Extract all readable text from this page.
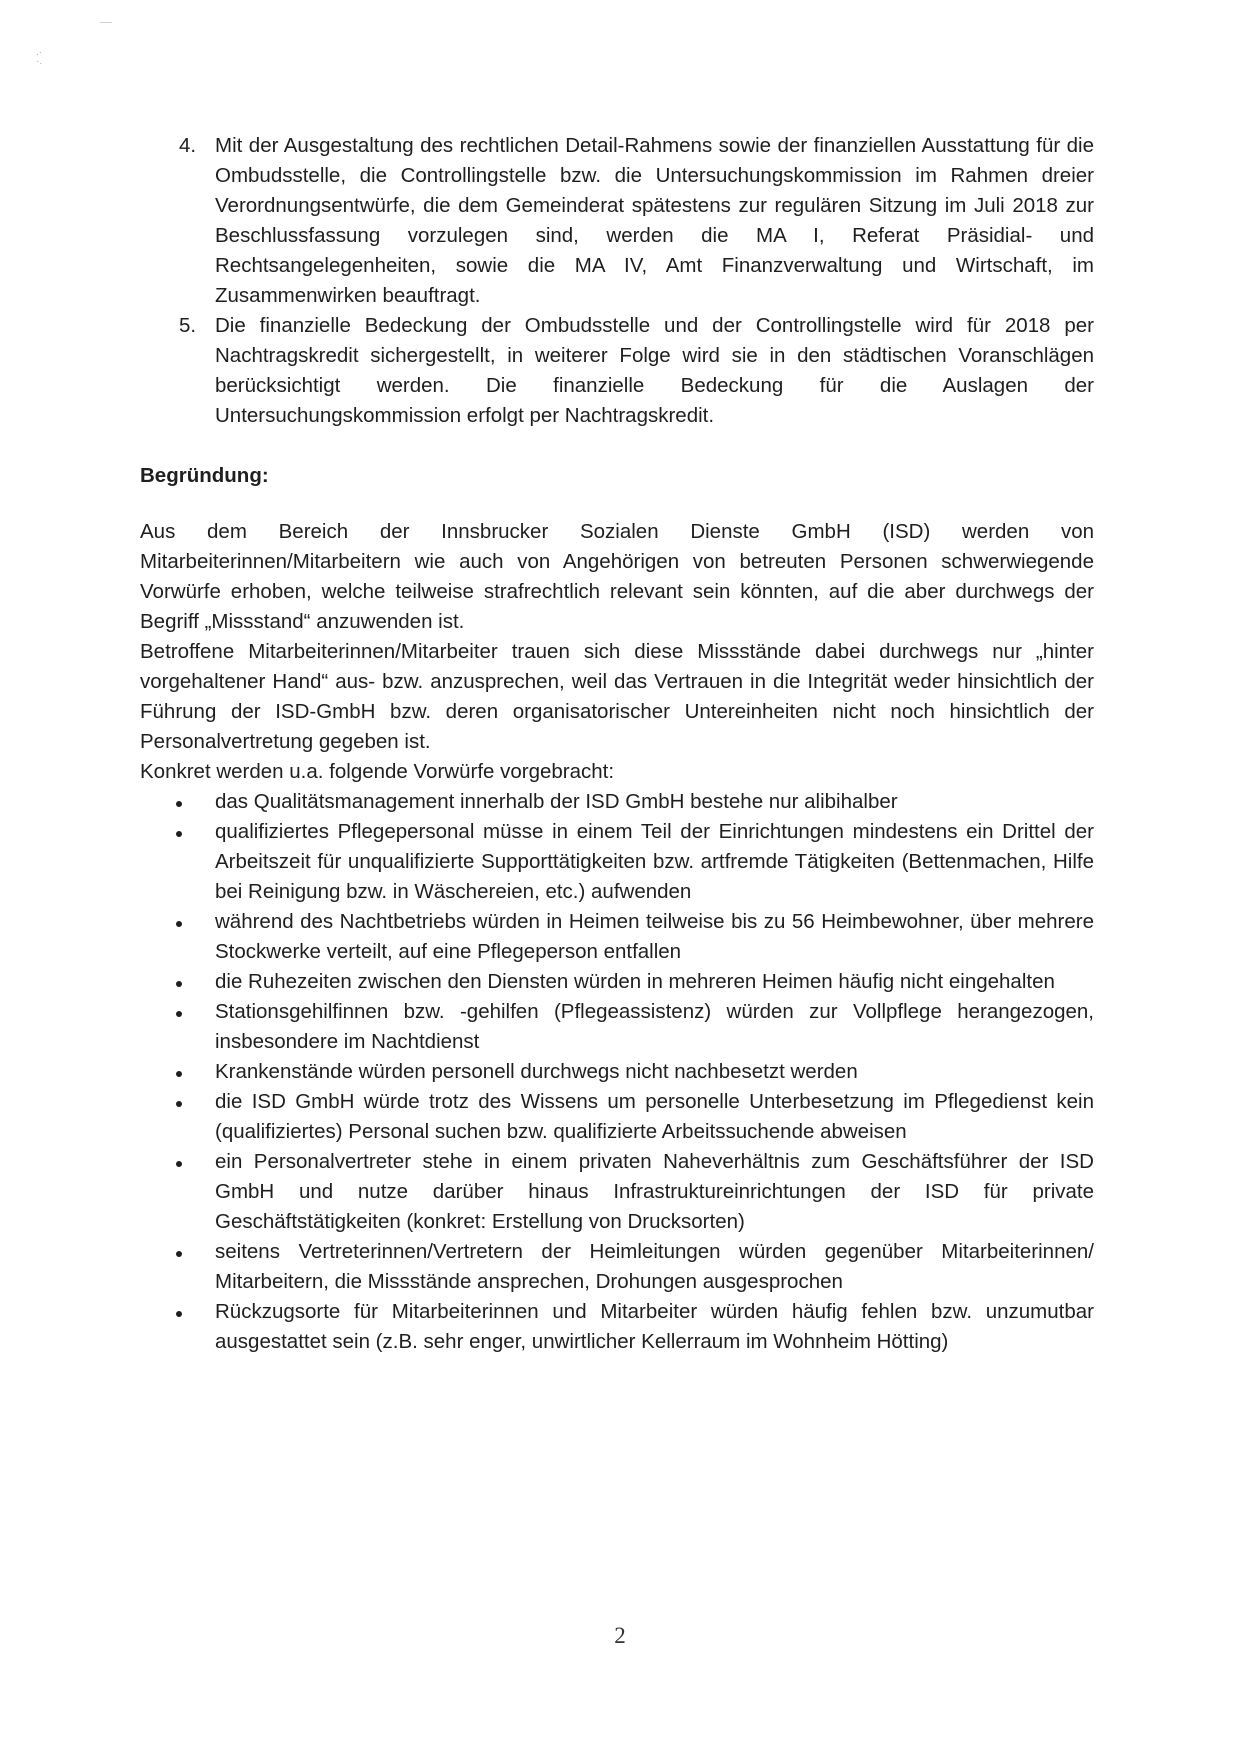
.·
·.
4. Mit der Ausgestaltung des rechtlichen Detail-Rahmens sowie der finanziellen Ausstattung für die Ombudsstelle, die Controllingstelle bzw. die Untersuchungskommission im Rahmen dreier Verordnungsentwürfe, die dem Gemeinderat spätestens zur regulären Sitzung im Juli 2018 zur Beschlussfassung vorzulegen sind, werden die MA I, Referat Präsidial- und Rechtsangelegenheiten, sowie die MA IV, Amt Finanzverwaltung und Wirtschaft, im Zusammenwirken beauftragt.
5. Die finanzielle Bedeckung der Ombudsstelle und der Controllingstelle wird für 2018 per Nachtragskredit sichergestellt, in weiterer Folge wird sie in den städtischen Voranschlägen berücksichtigt werden. Die finanzielle Bedeckung für die Auslagen der Untersuchungskommission erfolgt per Nachtragskredit.
Begründung:

Aus dem Bereich der Innsbrucker Sozialen Dienste GmbH (ISD) werden von Mitarbeiterinnen/Mitarbeitern wie auch von Angehörigen von betreuten Personen schwerwiegende Vorwürfe erhoben, welche teilweise strafrechtlich relevant sein könnten, auf die aber durchwegs der Begriff „Missstand“ anzuwenden ist.

Betroffene Mitarbeiterinnen/Mitarbeiter trauen sich diese Missstände dabei durchwegs nur „hinter vorgehaltener Hand“ aus- bzw. anzusprechen, weil das Vertrauen in die Integrität weder hinsichtlich der Führung der ISD-GmbH bzw. deren organisatorischer Untereinheiten nicht noch hinsichtlich der Personalvertretung gegeben ist.

Konkret werden u.a. folgende Vorwürfe vorgebracht:

das Qualitätsmanagement innerhalb der ISD GmbH bestehe nur alibihalber
qualifiziertes Pflegepersonal müsse in einem Teil der Einrichtungen mindestens ein Drittel der Arbeitszeit für unqualifizierte Supporttätigkeiten bzw. artfremde Tätigkeiten (Bettenmachen, Hilfe bei Reinigung bzw. in Wäschereien, etc.) aufwenden
während des Nachtbetriebs würden in Heimen teilweise bis zu 56 Heimbewohner, über mehrere Stockwerke verteilt, auf eine Pflegeperson entfallen
die Ruhezeiten zwischen den Diensten würden in mehreren Heimen häufig nicht eingehalten
Stationsgehilfinnen bzw. -gehilfen (Pflegeassistenz) würden zur Vollpflege herangezogen, insbesondere im Nachtdienst
Krankenstände würden personell durchwegs nicht nachbesetzt werden
die ISD GmbH würde trotz des Wissens um personelle Unterbesetzung im Pflegedienst kein (qualifiziertes) Personal suchen bzw. qualifizierte Arbeitssuchende abweisen
ein Personalvertreter stehe in einem privaten Naheverhältnis zum Geschäftsführer der ISD GmbH und nutze darüber hinaus Infrastruktureinrichtungen der ISD für private Geschäftstätigkeiten (konkret: Erstellung von Drucksorten)
seitens Vertreterinnen/Vertretern der Heimleitungen würden gegenüber Mitarbeiterinnen/ Mitarbeitern, die Missstände ansprechen, Drohungen ausgesprochen
Rückzugsorte für Mitarbeiterinnen und Mitarbeiter würden häufig fehlen bzw. unzumutbar ausgestattet sein (z.B. sehr enger, unwirtlicher Kellerraum im Wohnheim Hötting)
2
